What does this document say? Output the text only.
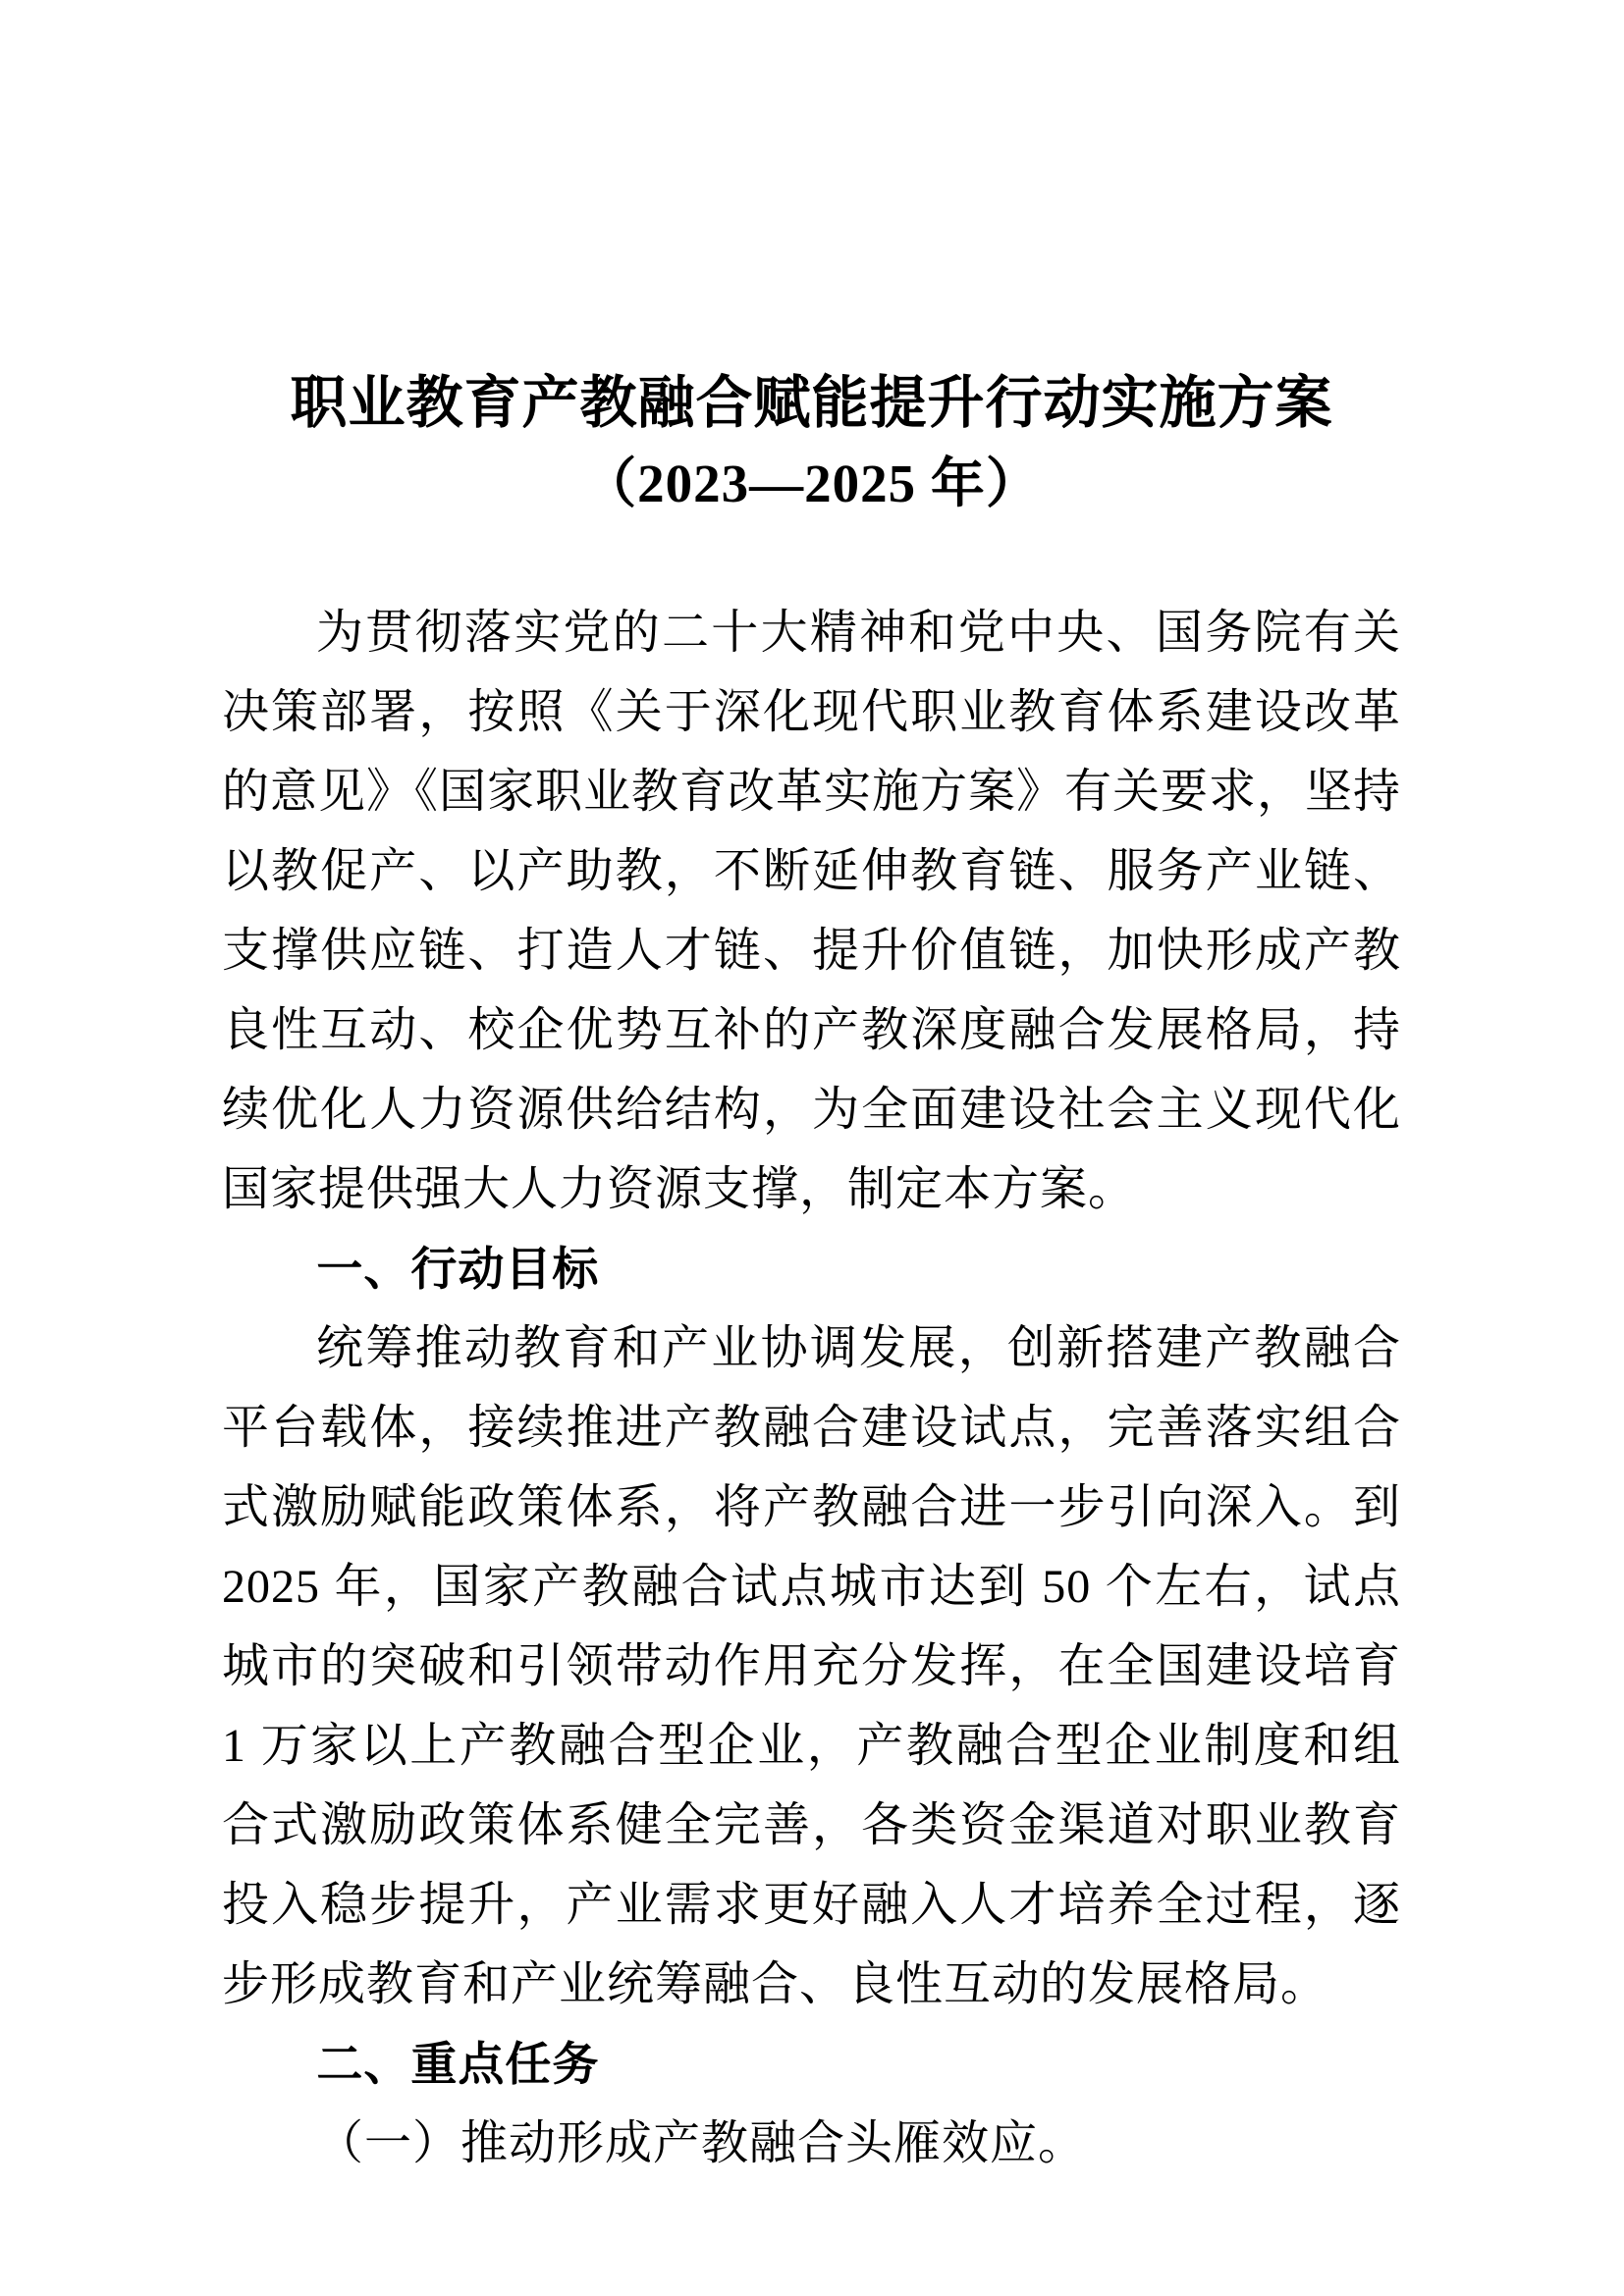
职业教育产教融合赋能提升行动实施方案
（2023—2025 年）

为贯彻落实党的二十大精神和党中央、国务院有关决策部署，按照《关于深化现代职业教育体系建设改革的意见》《国家职业教育改革实施方案》有关要求，坚持以教促产、以产助教，不断延伸教育链、服务产业链、支撑供应链、打造人才链、提升价值链，加快形成产教良性互动、校企优势互补的产教深度融合发展格局，持续优化人力资源供给结构，为全面建设社会主义现代化国家提供强大人力资源支撑，制定本方案。

一、行动目标

统筹推动教育和产业协调发展，创新搭建产教融合平台载体，接续推进产教融合建设试点，完善落实组合式激励赋能政策体系，将产教融合进一步引向深入。到 2025 年，国家产教融合试点城市达到 50 个左右，试点城市的突破和引领带动作用充分发挥，在全国建设培育 1 万家以上产教融合型企业，产教融合型企业制度和组合式激励政策体系健全完善，各类资金渠道对职业教育投入稳步提升，产业需求更好融入人才培养全过程，逐步形成教育和产业统筹融合、良性互动的发展格局。

二、重点任务

（一）推动形成产教融合头雁效应。
